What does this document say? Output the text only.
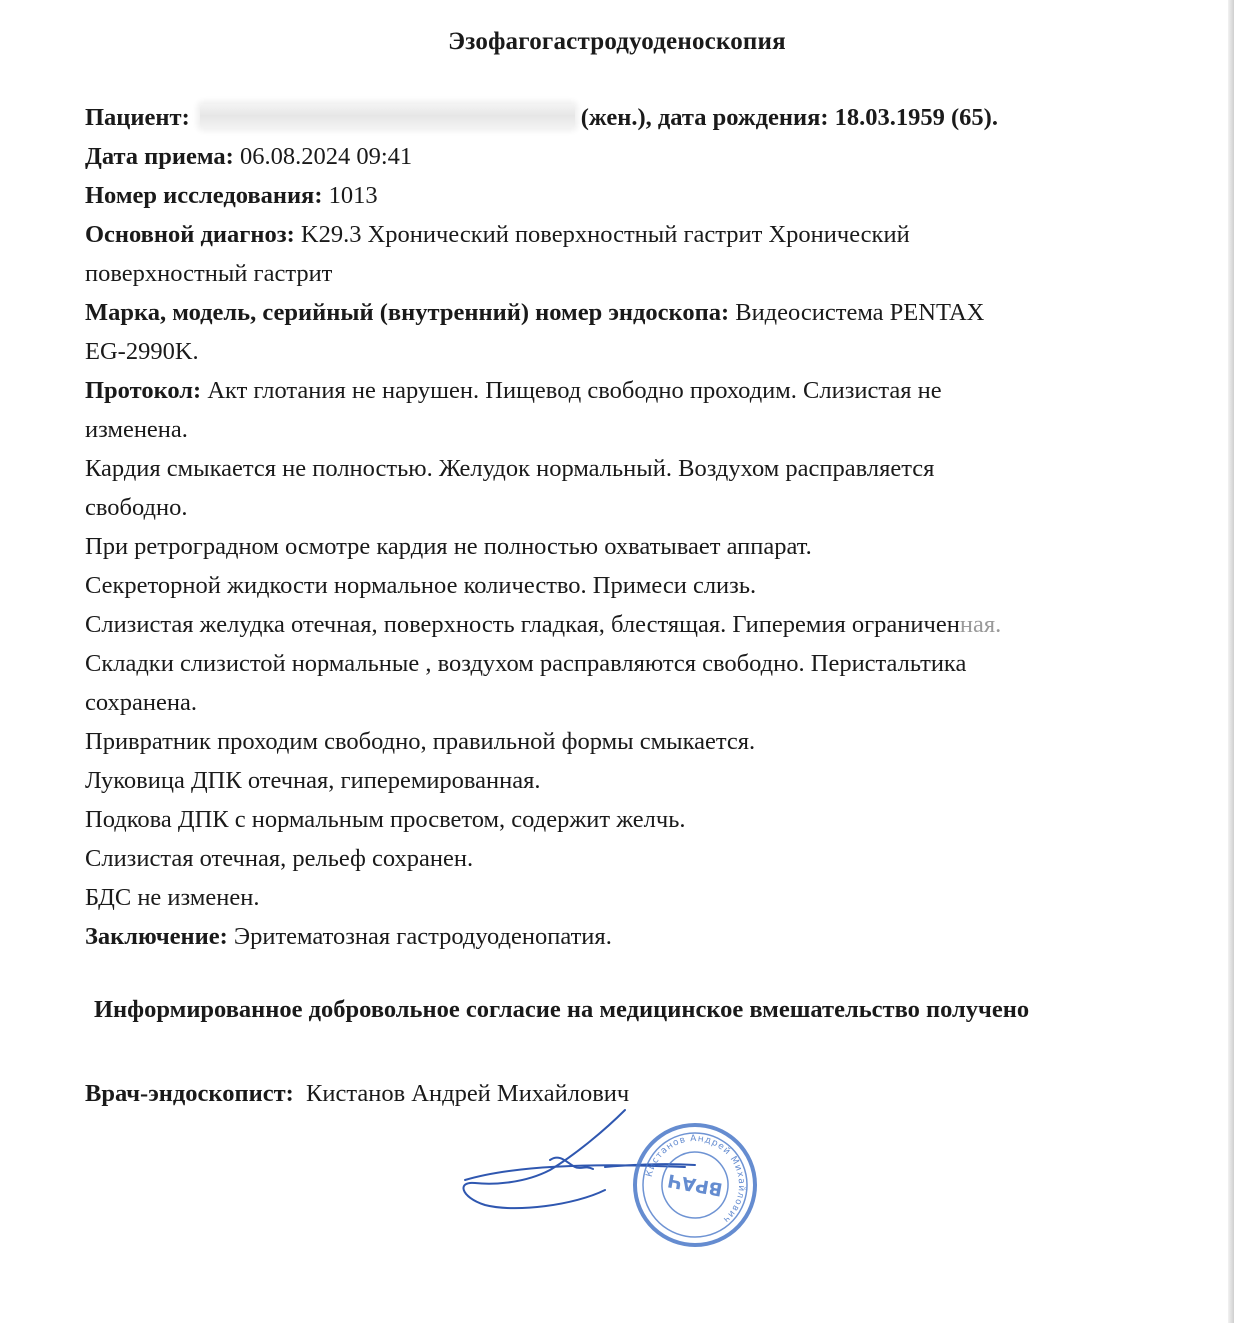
Эзофагогастродуоденоскопия
Пациент:	(жен.), дата рождения: 18.03.1959 (65).
Дата приема: 06.08.2024 09:41
Номер исследования: 1013
Основной диагноз: K29.3 Хронический поверхностный гастрит Хронический
поверхностный гастрит
Марка, модель, серийный (внутренний) номер эндоскопа: Видеосистема PENTAX
EG-2990K.
Протокол: Акт глотания не нарушен. Пищевод свободно проходим. Слизистая не
изменена.
Кардия смыкается не полностью. Желудок нормальный. Воздухом расправляется
свободно.
При ретроградном осмотре кардия не полностью охватывает аппарат.
Секреторной жидкости нормальное количество. Примеси слизь.
Слизистая желудка отечная, поверхность гладкая, блестящая. Гиперемия ограниченная.
Складки слизистой нормальные , воздухом расправляются свободно. Перистальтика
сохранена.
Привратник проходим свободно, правильной формы смыкается.
Луковица ДПК отечная, гиперемированная.
Подкова ДПК с нормальным просветом, содержит желчь.
Слизистая отечная, рельеф сохранен.
БДС не изменен.
Заключение: Эритематозная гастродуоденопатия.
Информированное добровольное согласие на медицинское вмешательство получено
Врач-эндоскопист: Кистанов Андрей Михайлович
Кистанов Андрей Михайлович
ВРАЧ
